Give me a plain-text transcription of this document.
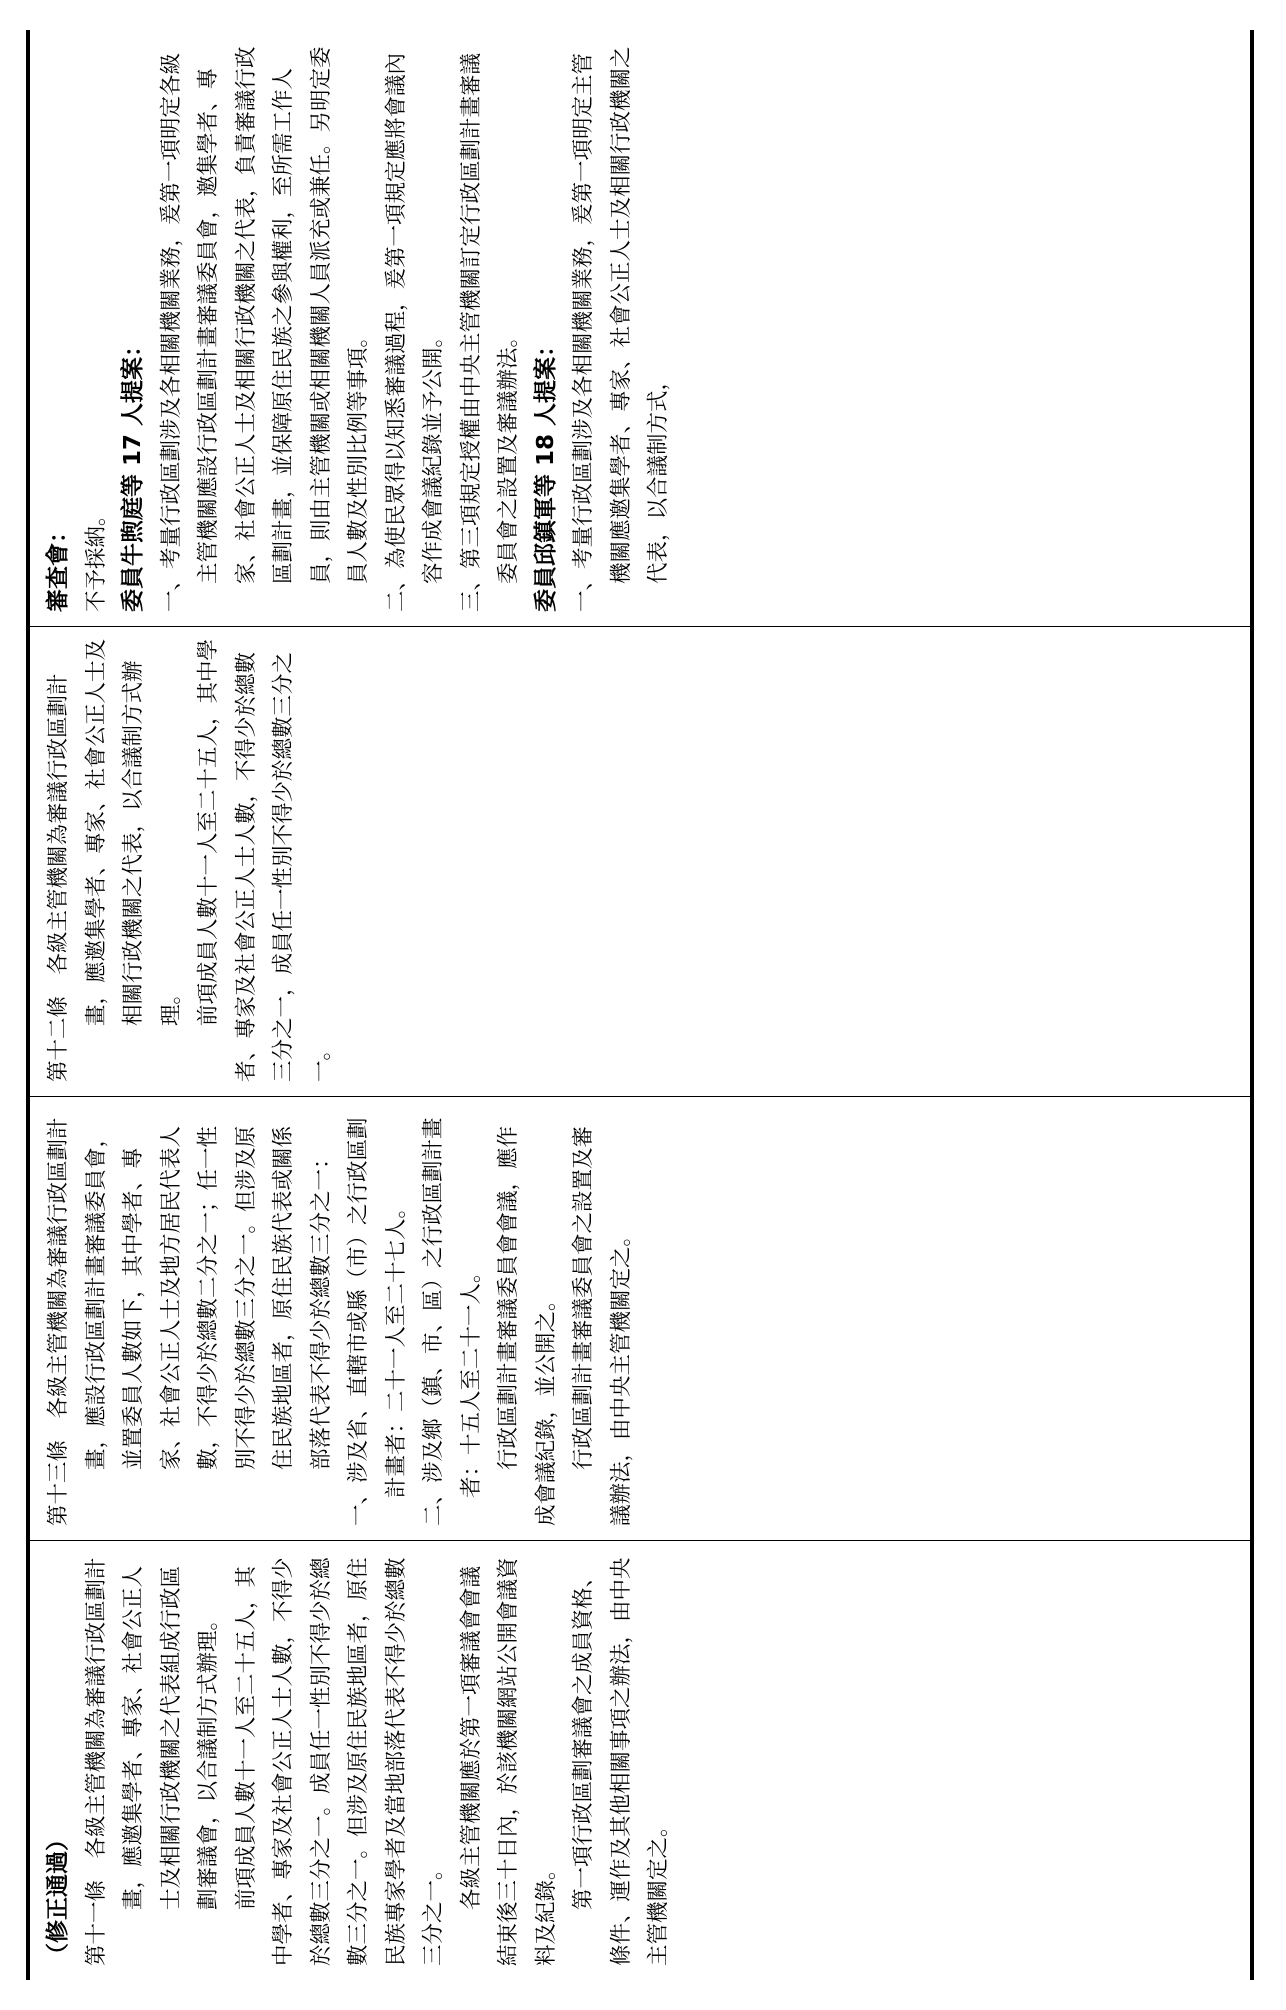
（修正通過） 第十一條　各級主管機關為審議行政區劃計畫，應邀集學者、專家、社會公正人士及相關行政機關之代表組成行政區劃審議會，以合議制方式辦理。 前項成員人數十一人至二十五人，其中學者、專家及社會公正人士人數，不得少於總數三分之一。成員任一性別不得少於總數三分之一。但涉及原住民族地區者，原住民族專家學者及當地部落代表不得少於總數三分之一。

各級主管機關應於第一項審議會會議結束後三十日內，於該機關網站公開會議資料及紀錄。

第一項行政區劃審議會之成員資格、條件、運作及其他相關事項之辦法，由中央主管機關定之。

第十三條　各級主管機關為審議行政區劃計畫，應設行政區劃計畫審議委員會，並置委員人數如下，其中學者、專家、社會公正人士及地方居民代表人數，不得少於總數二分之一；任一性別不得少於總數三分之一。但涉及原住民族地區者，原住民族代表或關係部落代表不得少於總數三分之一： 一、涉及省、直轄市或縣（市）之行政區劃計畫者：二十一人至二十七人。 二、涉及鄉（鎮、市、區）之行政區劃計畫者：十五人至二十一人。 行政區劃計畫審議委員會會議，應作成會議紀錄，並公開之。 行政區劃計畫審議委員會之設置及審議辦法，由中央主管機關定之。

第十二條　各級主管機關為審議行政區劃計畫，應邀集學者、專家、社會公正人士及相關行政機關之代表，以合議制方式辦理。 前項成員人數十一人至二十五人，其中學者、專家及社會公正人士人數，不得少於總數三分之一，成員任一性別不得少於總數三分之一。

審查會： 不予採納。 委員牛煦庭等 17 人提案： 一、考量行政區劃涉及各相關機關業務，爰第一項明定各級主管機關應設行政區劃計畫審議委員會，邀集學者、專家、社會公正人士及相關行政機關之代表，負責審議行政區劃計畫，並保障原住民族之參與權利，至所需工作人員，則由主管機關或相關機關人員派充或兼任。另明定委員人數及性別比例等事項。 二、為使民眾得以知悉審議過程，爰第一項規定應將會議內容作成會議紀錄並予公開。 三、第三項規定授權由中央主管機關訂定行政區劃計畫審議委員會之設置及審議辦法。 委員邱鎮軍等 18 人提案： 一、考量行政區劃涉及各相關機關業務，爰第一項明定主管機關應邀集學者、專家、社會公正人士及相關行政機關之代表，以合議制方式，
